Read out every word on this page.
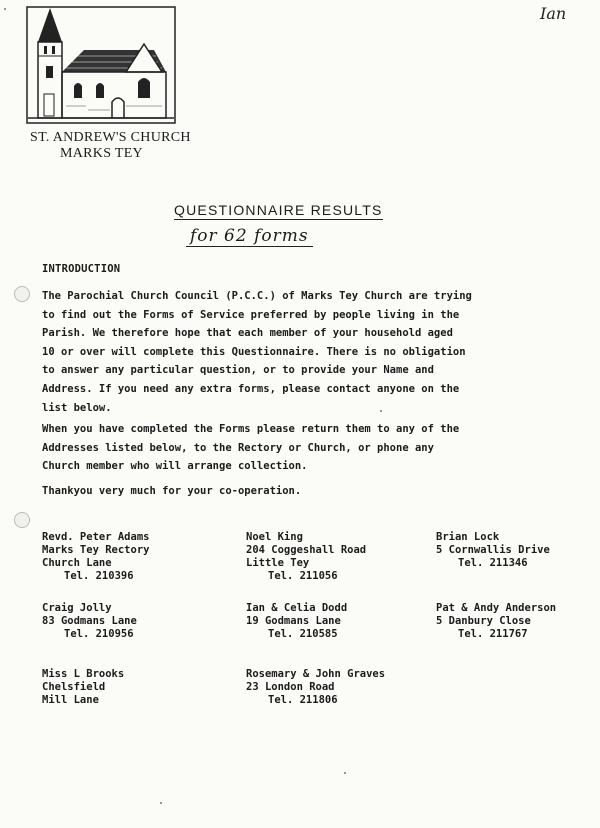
Ian
ST. ANDREW'S CHURCH
MARKS TEY
QUESTIONNAIRE RESULTS
for 62 forms
INTRODUCTION
The Parochial Church Council (P.C.C.) of Marks Tey Church are trying
to find out the Forms of Service preferred by people living in the
Parish. We therefore hope that each member of your household aged
10 or over will complete this Questionnaire. There is no obligation
to answer any particular question, or to provide your Name and
Address. If you need any extra forms, please contact anyone on the
list below.
When you have completed the Forms please return them to any of the
Addresses listed below, to the Rectory or Church, or phone any
Church member who will arrange collection.
Thankyou very much for your co-operation.
Revd. Peter Adams
Marks Tey Rectory
Church Lane
Tel. 210396
Noel King
204 Coggeshall Road
Little Tey
Tel. 211056
Brian Lock
5 Cornwallis Drive
Tel. 211346
Craig Jolly
83 Godmans Lane
Tel. 210956
Ian & Celia Dodd
19 Godmans Lane
Tel. 210585
Pat & Andy Anderson
5 Danbury Close
Tel. 211767
Miss L Brooks
Chelsfield
Mill Lane
Rosemary & John Graves
23 London Road
Tel. 211806
